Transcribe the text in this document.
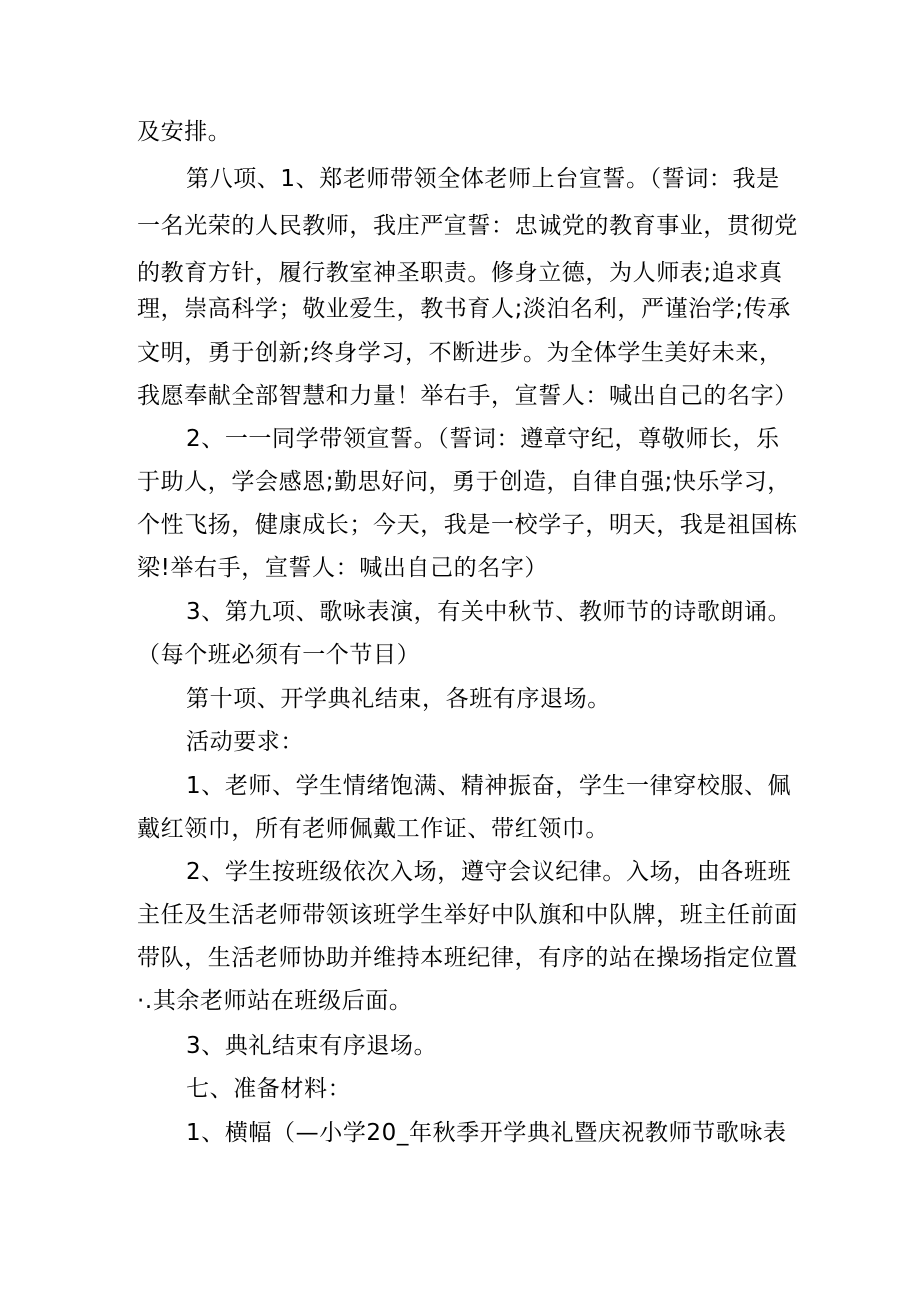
及安排。
第八项、1、郑老师带领全体老师上台宣誓。（誓词：我是
一名光荣的人民教师，我庄严宣誓：忠诚党的教育事业，贯彻党
的教育方针，履行教室神圣职责。修身立德，为人师表;追求真
理，崇高科学；敬业爱生，教书育人;淡泊名利，严谨治学;传承
文明，勇于创新;终身学习，不断进步。为全体学生美好未来，
我愿奉献全部智慧和力量！举右手，宣誓人：喊出自己的名字）
2、一一同学带领宣誓。（誓词：遵章守纪，尊敬师长，乐
于助人，学会感恩;勤思好问，勇于创造，自律自强;快乐学习，
个性飞扬，健康成长；今天，我是一校学子，明天，我是祖国栋
梁!举右手，宣誓人：喊出自己的名字）
3、第九项、歌咏表演，有关中秋节、教师节的诗歌朗诵。
（每个班必须有一个节目）
第十项、开学典礼结束，各班有序退场。
活动要求：
1、老师、学生情绪饱满、精神振奋，学生一律穿校服、佩
戴红领巾，所有老师佩戴工作证、带红领巾。
2、学生按班级依次入场，遵守会议纪律。入场，由各班班
主任及生活老师带领该班学生举好中队旗和中队牌，班主任前面
带队，生活老师协助并维持本班纪律，有序的站在操场指定位置
·.其余老师站在班级后面。
3、典礼结束有序退场。
七、准备材料：
1、横幅（—小学20_年秋季开学典礼暨庆祝教师节歌咏表
